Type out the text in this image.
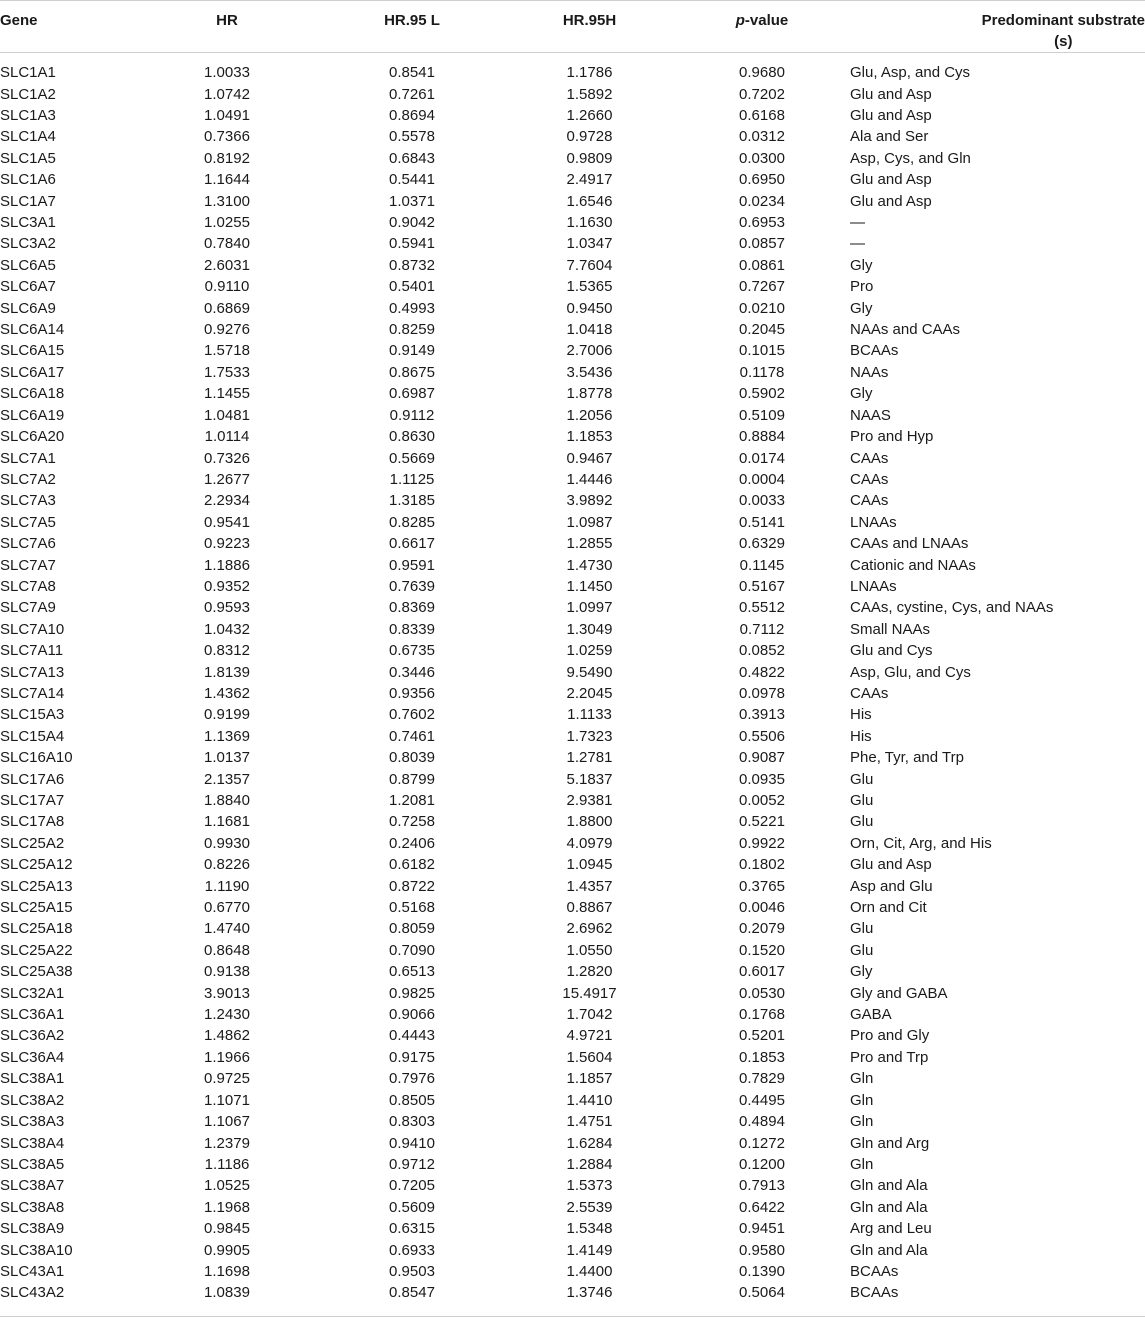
Gene	HR	HR.95 L	HR.95H	p-value	Predominant substrate
(s)

SLC1A1	1.0033	0.8541	1.1786	0.9680	Glu, Asp, and Cys
SLC1A2	1.0742	0.7261	1.5892	0.7202	Glu and Asp
SLC1A3	1.0491	0.8694	1.2660	0.6168	Glu and Asp
SLC1A4	0.7366	0.5578	0.9728	0.0312	Ala and Ser
SLC1A5	0.8192	0.6843	0.9809	0.0300	Asp, Cys, and Gln
SLC1A6	1.1644	0.5441	2.4917	0.6950	Glu and Asp
SLC1A7	1.3100	1.0371	1.6546	0.0234	Glu and Asp
SLC3A1	1.0255	0.9042	1.1630	0.6953	—
SLC3A2	0.7840	0.5941	1.0347	0.0857	—
SLC6A5	2.6031	0.8732	7.7604	0.0861	Gly
SLC6A7	0.9110	0.5401	1.5365	0.7267	Pro
SLC6A9	0.6869	0.4993	0.9450	0.0210	Gly
SLC6A14	0.9276	0.8259	1.0418	0.2045	NAAs and CAAs
SLC6A15	1.5718	0.9149	2.7006	0.1015	BCAAs
SLC6A17	1.7533	0.8675	3.5436	0.1178	NAAs
SLC6A18	1.1455	0.6987	1.8778	0.5902	Gly
SLC6A19	1.0481	0.9112	1.2056	0.5109	NAAS
SLC6A20	1.0114	0.8630	1.1853	0.8884	Pro and Hyp
SLC7A1	0.7326	0.5669	0.9467	0.0174	CAAs
SLC7A2	1.2677	1.1125	1.4446	0.0004	CAAs
SLC7A3	2.2934	1.3185	3.9892	0.0033	CAAs
SLC7A5	0.9541	0.8285	1.0987	0.5141	LNAAs
SLC7A6	0.9223	0.6617	1.2855	0.6329	CAAs and LNAAs
SLC7A7	1.1886	0.9591	1.4730	0.1145	Cationic and NAAs
SLC7A8	0.9352	0.7639	1.1450	0.5167	LNAAs
SLC7A9	0.9593	0.8369	1.0997	0.5512	CAAs, cystine, Cys, and NAAs
SLC7A10	1.0432	0.8339	1.3049	0.7112	Small NAAs
SLC7A11	0.8312	0.6735	1.0259	0.0852	Glu and Cys
SLC7A13	1.8139	0.3446	9.5490	0.4822	Asp, Glu, and Cys
SLC7A14	1.4362	0.9356	2.2045	0.0978	CAAs
SLC15A3	0.9199	0.7602	1.1133	0.3913	His
SLC15A4	1.1369	0.7461	1.7323	0.5506	His
SLC16A10	1.0137	0.8039	1.2781	0.9087	Phe, Tyr, and Trp
SLC17A6	2.1357	0.8799	5.1837	0.0935	Glu
SLC17A7	1.8840	1.2081	2.9381	0.0052	Glu
SLC17A8	1.1681	0.7258	1.8800	0.5221	Glu
SLC25A2	0.9930	0.2406	4.0979	0.9922	Orn, Cit, Arg, and His
SLC25A12	0.8226	0.6182	1.0945	0.1802	Glu and Asp
SLC25A13	1.1190	0.8722	1.4357	0.3765	Asp and Glu
SLC25A15	0.6770	0.5168	0.8867	0.0046	Orn and Cit
SLC25A18	1.4740	0.8059	2.6962	0.2079	Glu
SLC25A22	0.8648	0.7090	1.0550	0.1520	Glu
SLC25A38	0.9138	0.6513	1.2820	0.6017	Gly
SLC32A1	3.9013	0.9825	15.4917	0.0530	Gly and GABA
SLC36A1	1.2430	0.9066	1.7042	0.1768	GABA
SLC36A2	1.4862	0.4443	4.9721	0.5201	Pro and Gly
SLC36A4	1.1966	0.9175	1.5604	0.1853	Pro and Trp
SLC38A1	0.9725	0.7976	1.1857	0.7829	Gln
SLC38A2	1.1071	0.8505	1.4410	0.4495	Gln
SLC38A3	1.1067	0.8303	1.4751	0.4894	Gln
SLC38A4	1.2379	0.9410	1.6284	0.1272	Gln and Arg
SLC38A5	1.1186	0.9712	1.2884	0.1200	Gln
SLC38A7	1.0525	0.7205	1.5373	0.7913	Gln and Ala
SLC38A8	1.1968	0.5609	2.5539	0.6422	Gln and Ala
SLC38A9	0.9845	0.6315	1.5348	0.9451	Arg and Leu
SLC38A10	0.9905	0.6933	1.4149	0.9580	Gln and Ala
SLC43A1	1.1698	0.9503	1.4400	0.1390	BCAAs
SLC43A2	1.0839	0.8547	1.3746	0.5064	BCAAs
